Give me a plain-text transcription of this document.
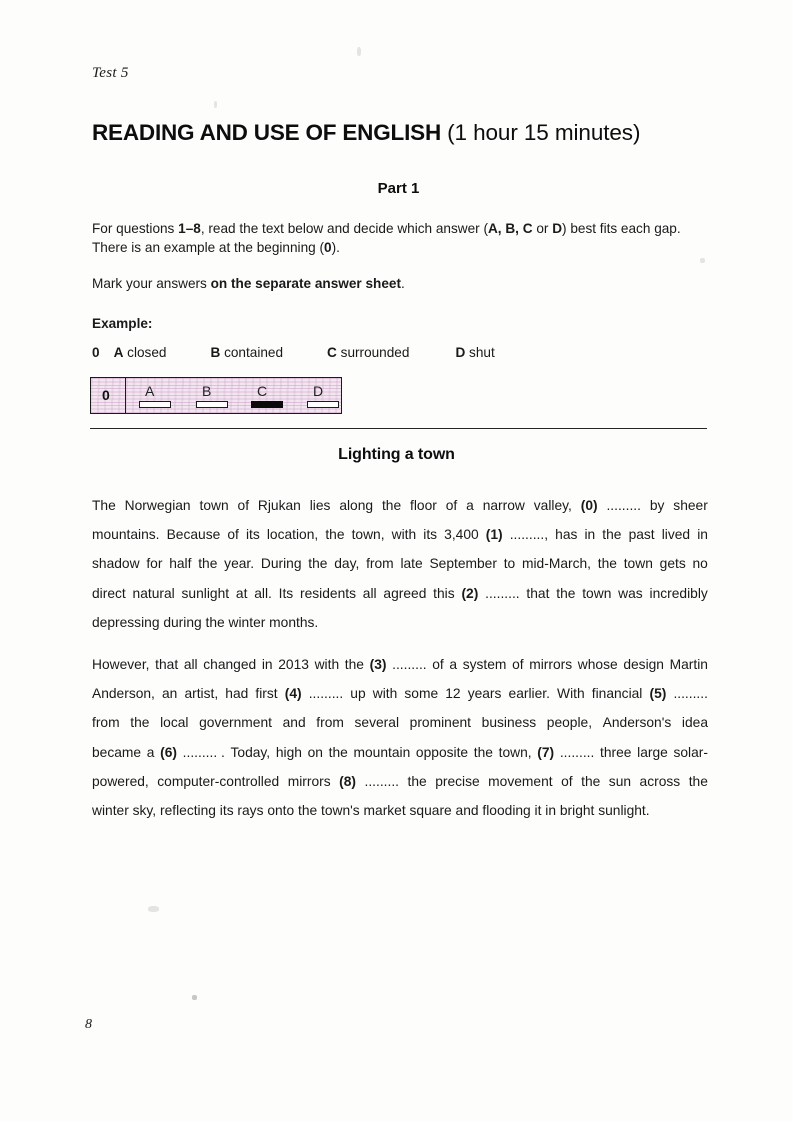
Test 5
READING AND USE OF ENGLISH (1 hour 15 minutes)
Part 1
For questions 1–8, read the text below and decide which answer (A, B, C or D) best fits each gap. There is an example at the beginning (0).
Mark your answers on the separate answer sheet.
Example:
0 A closed	B contained	C surrounded	D shut
0	A	B	C	D
Lighting a town
The Norwegian town of Rjukan lies along the floor of a narrow valley, (0) ......... by sheer
mountains. Because of its location, the town, with its 3,400 (1) ........., has in the past lived in
shadow for half the year. During the day, from late September to mid-March, the town gets no
direct natural sunlight at all. Its residents all agreed this (2) ......... that the town was incredibly
depressing during the winter months.
However, that all changed in 2013 with the (3) ......... of a system of mirrors whose design Martin
Anderson, an artist, had first (4) ......... up with some 12 years earlier. With financial (5) .........
from the local government and from several prominent business people, Anderson's idea
became a (6) ......... . Today, high on the mountain opposite the town, (7) ......... three large solar-
powered, computer-controlled mirrors (8) ......... the precise movement of the sun across the
winter sky, reflecting its rays onto the town's market square and flooding it in bright sunlight.
8
